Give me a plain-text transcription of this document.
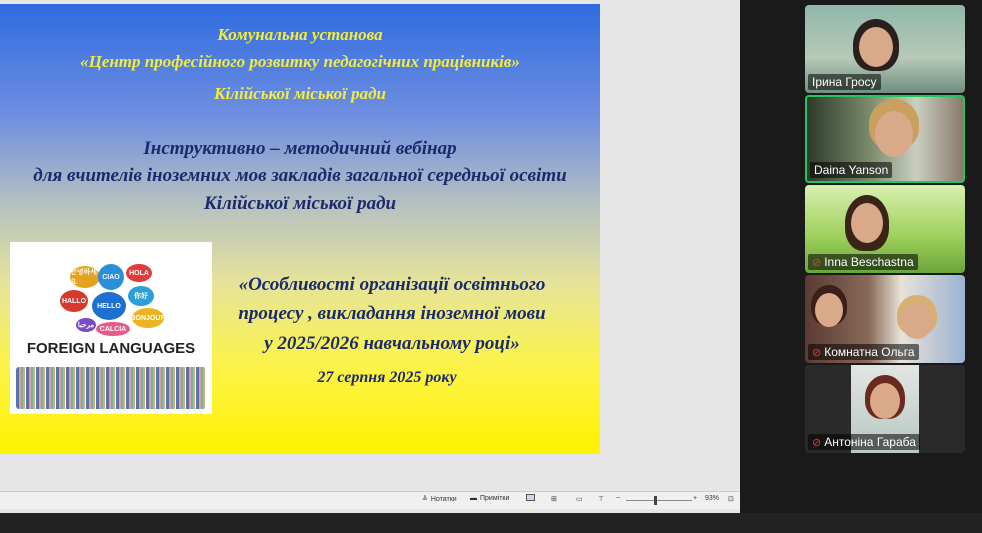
Комунальна установа
«Центр професійного розвитку педагогічних працівників»
Кілійської міської ради
Інструктивно – методичний вебінар
для вчителів іноземних мов закладів загальної середньої освіти
Кілійської міської ради
안녕하세요
CIAO
HOLA
HALLO
HELLO
你好
BONJOUR
CALCIA
مرحبا
FOREIGN LANGUAGES
«Особливості організації освітнього
процесу , викладання іноземної мови
у 2025/2026 навчальному році»
27 серпня 2025 року
≜ Нотатки ▬ Примітки	⊞	▭ ⊤ −	+ 93% ⊡
Ірина Гросу
Daina Yanson
⊘ Inna Beschastna
⊘ Комнатна Ольга
⊘ Антоніна Гараба
